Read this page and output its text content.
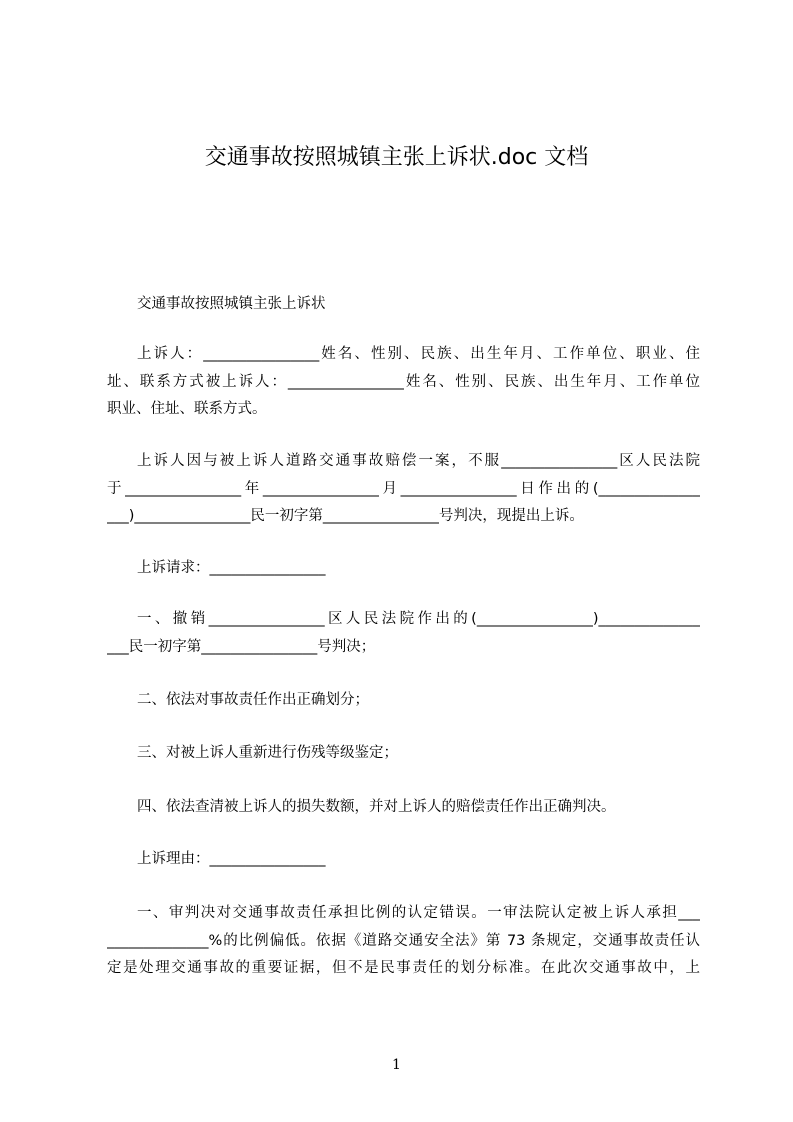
交通事故按照城镇主张上诉状.doc 文档
交通事故按照城镇主张上诉状
上诉人：________________姓名、性别、民族、出生年月、工作单位、职业、住
址、联系方式被上诉人：________________姓名、性别、民族、出生年月、工作单位
职业、住址、联系方式。
上诉人因与被上诉人道路交通事故赔偿一案，不服________________区人民法院
于________________年________________月________________日作出的(______________
___)________________民一初字第________________号判决，现提出上诉。
上诉请求：________________
一、撤销________________区人民法院作出的(________________)______________
___民一初字第________________号判决；
二、依法对事故责任作出正确划分；
三、对被上诉人重新进行伤残等级鉴定；
四、依法查清被上诉人的损失数额，并对上诉人的赔偿责任作出正确判决。
上诉理由：________________
一、审判决对交通事故责任承担比例的认定错误。一审法院认定被上诉人承担___
______________%的比例偏低。依据《道路交通安全法》第 73 条规定，交通事故责任认
定是处理交通事故的重要证据，但不是民事责任的划分标准。在此次交通事故中，上
1
